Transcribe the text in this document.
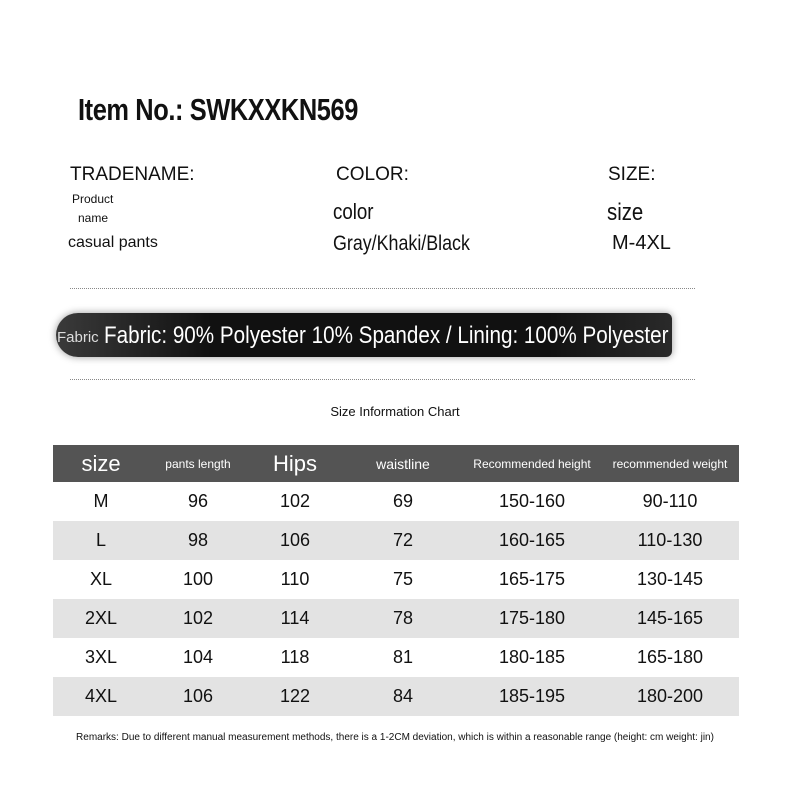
Item No.: SWKXXKN569
TRADENAME:
Product
name
casual pants
COLOR:
color
Gray/Khaki/Black
SIZE:
size
M-4XL
Fabric Fabric: 90% Polyester 10% Spandex / Lining: 100% Polyester
Size Information Chart
size	pants length	Hips	waistline	Recommended height	recommended weight
M	96	102	69	150-160	90-110
L	98	106	72	160-165	110-130
XL	100	110	75	165-175	130-145
2XL	102	114	78	175-180	145-165
3XL	104	118	81	180-185	165-180
4XL	106	122	84	185-195	180-200
Remarks: Due to different manual measurement methods, there is a 1-2CM deviation, which is within a reasonable range (height: cm weight: jin)
